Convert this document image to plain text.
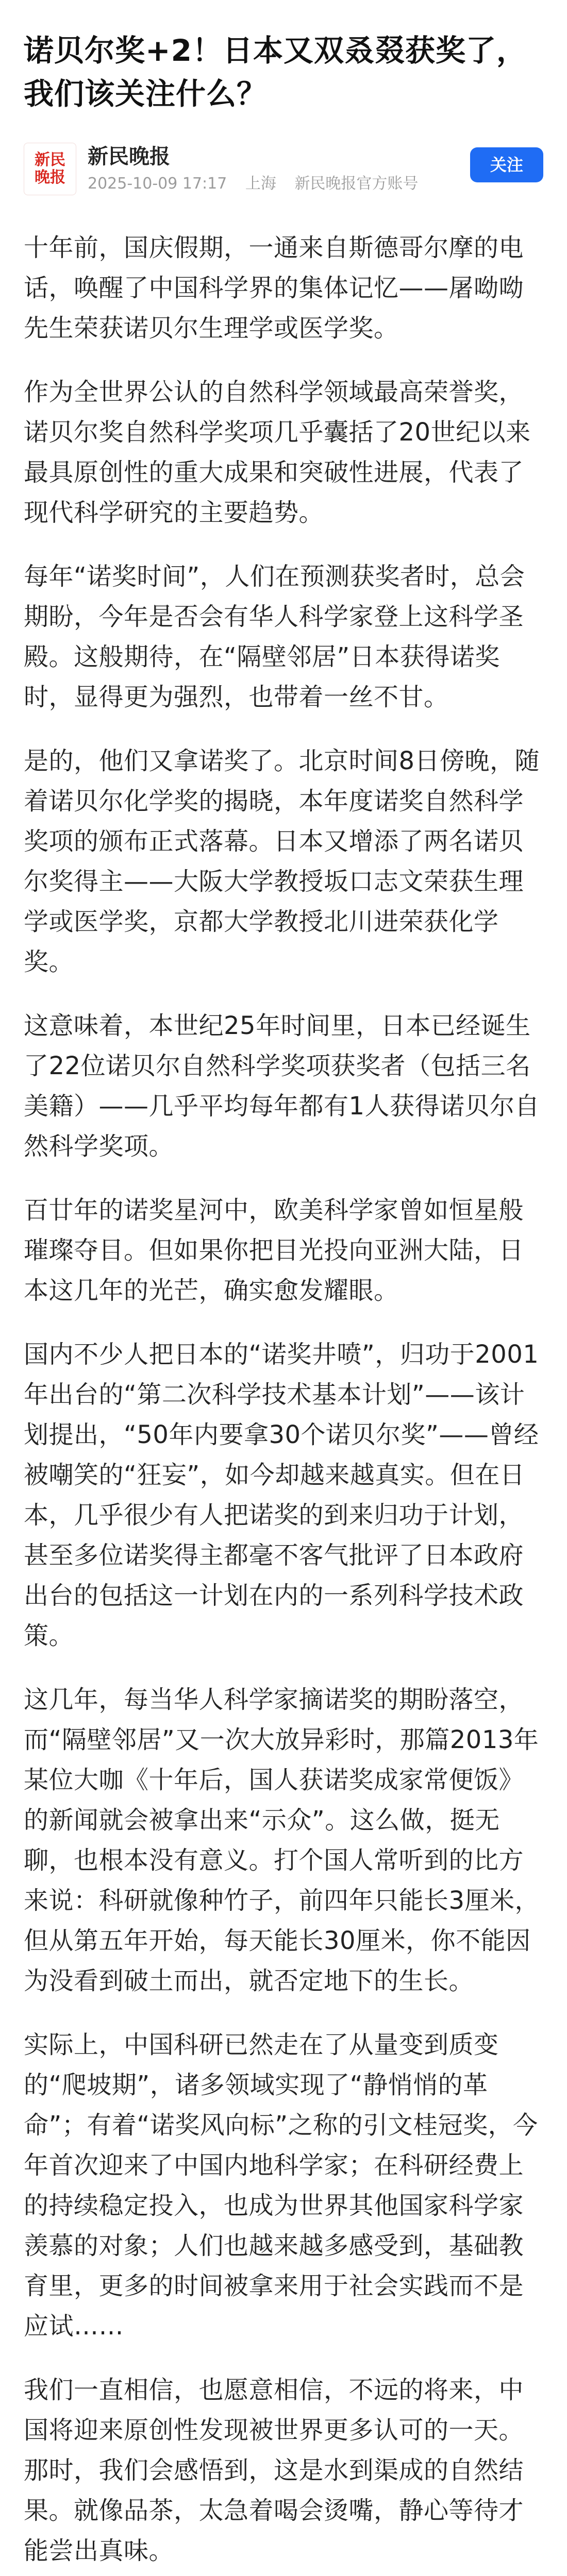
诺贝尔奖+2！日本又双叒叕获奖了，我们该关注什么？
新民
晚报
新民晚报
2025-10-09 17:17 上海 新民晚报官方账号
关注

十年前，国庆假期，一通来自斯德哥尔摩的电话，唤醒了中国科学界的集体记忆——屠呦呦先生荣获诺贝尔生理学或医学奖。

作为全世界公认的自然科学领域最高荣誉奖，诺贝尔奖自然科学奖项几乎囊括了20世纪以来最具原创性的重大成果和突破性进展，代表了现代科学研究的主要趋势。

每年“诺奖时间”，人们在预测获奖者时，总会期盼，今年是否会有华人科学家登上这科学圣殿。这般期待，在“隔壁邻居”日本获得诺奖时，显得更为强烈，也带着一丝不甘。

是的，他们又拿诺奖了。北京时间8日傍晚，随着诺贝尔化学奖的揭晓，本年度诺奖自然科学奖项的颁布正式落幕。日本又增添了两名诺贝尔奖得主——大阪大学教授坂口志文荣获生理学或医学奖，京都大学教授北川进荣获化学奖。

这意味着，本世纪25年时间里，日本已经诞生了22位诺贝尔自然科学奖项获奖者（包括三名美籍）——几乎平均每年都有1人获得诺贝尔自然科学奖项。

百廿年的诺奖星河中，欧美科学家曾如恒星般璀璨夺目。但如果你把目光投向亚洲大陆，日本这几年的光芒，确实愈发耀眼。

国内不少人把日本的“诺奖井喷”，归功于2001年出台的“第二次科学技术基本计划”——该计划提出，“50年内要拿30个诺贝尔奖”——曾经被嘲笑的“狂妄”，如今却越来越真实。但在日本，几乎很少有人把诺奖的到来归功于计划，甚至多位诺奖得主都毫不客气批评了日本政府出台的包括这一计划在内的一系列科学技术政策。

这几年，每当华人科学家摘诺奖的期盼落空，而“隔壁邻居”又一次大放异彩时，那篇2013年某位大咖《十年后，国人获诺奖成家常便饭》的新闻就会被拿出来“示众”。这么做，挺无聊，也根本没有意义。打个国人常听到的比方来说：科研就像种竹子，前四年只能长3厘米，但从第五年开始，每天能长30厘米，你不能因为没看到破土而出，就否定地下的生长。

实际上，中国科研已然走在了从量变到质变的“爬坡期”，诸多领域实现了“静悄悄的革命”；有着“诺奖风向标”之称的引文桂冠奖，今年首次迎来了中国内地科学家；在科研经费上的持续稳定投入，也成为世界其他国家科学家羡慕的对象；人们也越来越多感受到，基础教育里，更多的时间被拿来用于社会实践而不是应试……

我们一直相信，也愿意相信，不远的将来，中国将迎来原创性发现被世界更多认可的一天。那时，我们会感悟到，这是水到渠成的自然结果。就像品茶，太急着喝会烫嘴，静心等待才能尝出真味。
